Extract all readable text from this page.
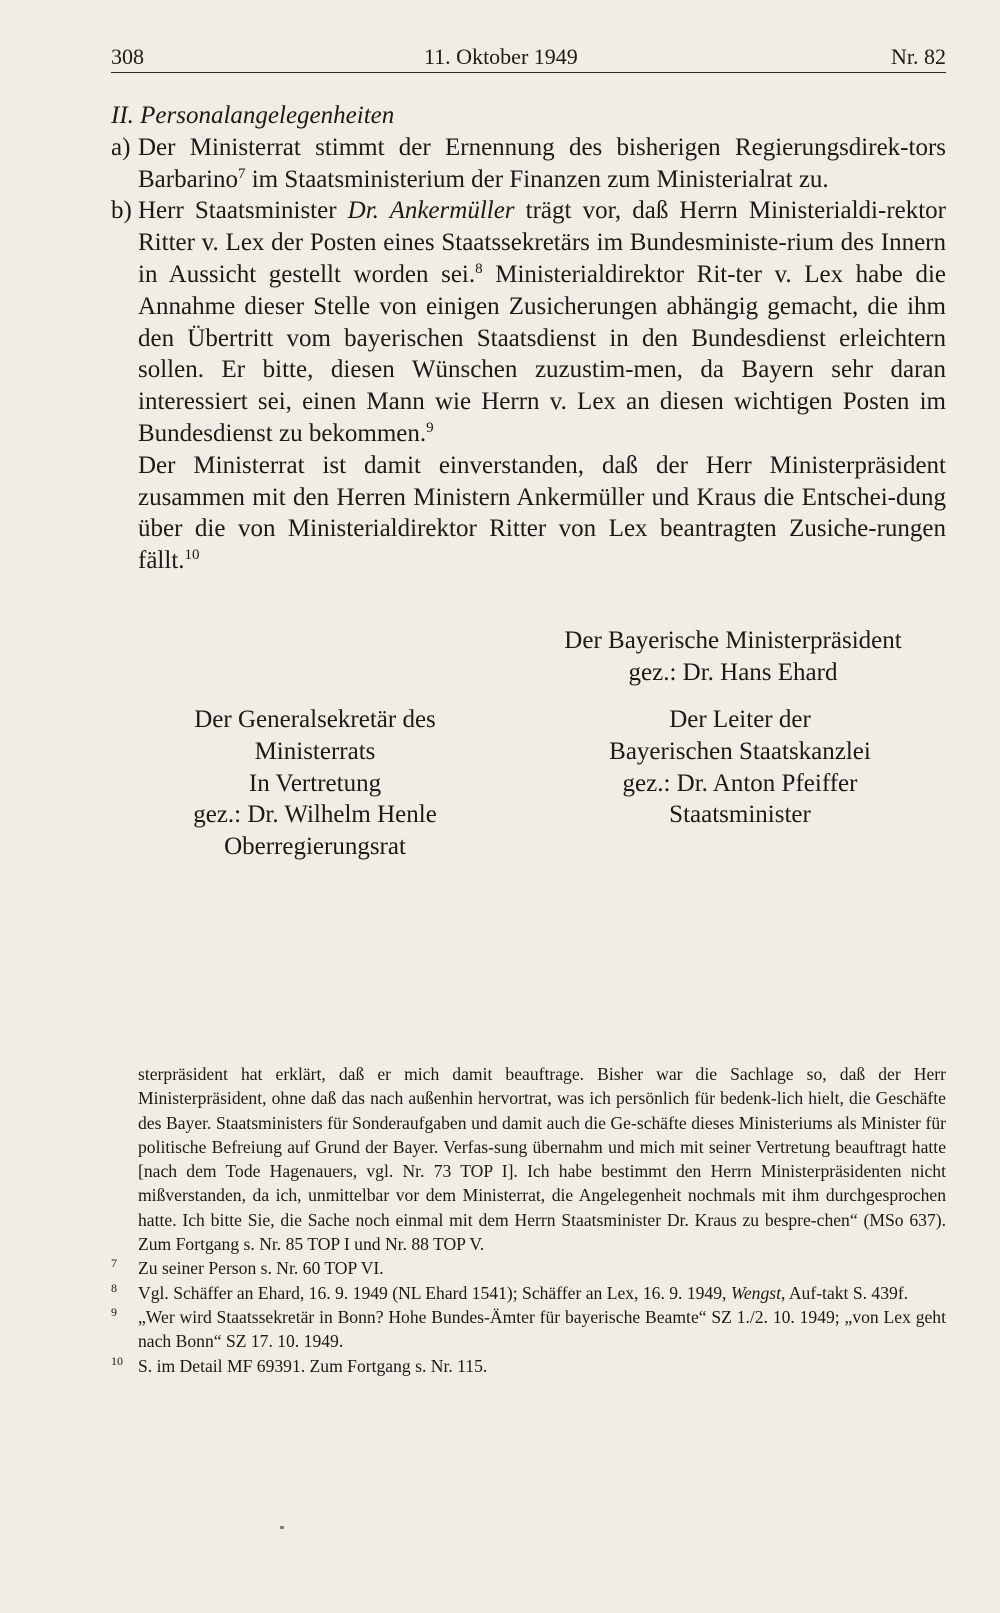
308	11. Oktober 1949	Nr. 82

II. Personalangelegenheiten

a) Der Ministerrat stimmt der Ernennung des bisherigen Regierungsdirek-tors Barbarino$^7$ im Staatsministerium der Finanzen zum Ministerialrat zu.
b) Herr Staatsminister Dr. Ankermüller trägt vor, daß Herrn Ministerialdi-rektor Ritter v. Lex der Posten eines Staatssekretärs im Bundesministe-rium des Innern in Aussicht gestellt worden sei.$^8$ Ministerialdirektor Rit-ter v. Lex habe die Annahme dieser Stelle von einigen Zusicherungen abhängig gemacht, die ihm den Übertritt vom bayerischen Staatsdienst in den Bundesdienst erleichtern sollen. Er bitte, diesen Wünschen zuzustim-men, da Bayern sehr daran interessiert sei, einen Mann wie Herrn v. Lex an diesen wichtigen Posten im Bundesdienst zu bekommen.$^9$

Der Ministerrat ist damit einverstanden, daß der Herr Ministerpräsident zusammen mit den Herren Ministern Ankermüller und Kraus die Entschei-dung über die von Ministerialdirektor Ritter von Lex beantragten Zusiche-rungen fällt.$^{10}$

Der Bayerische Ministerpräsident
gez.: Dr. Hans Ehard
Der Generalsekretär des
Ministerrats
In Vertretung
gez.: Dr. Wilhelm Henle
Oberregierungsrat
Der Leiter der
Bayerischen Staatskanzlei
gez.: Dr. Anton Pfeiffer
Staatsminister

sterpräsident hat erklärt, daß er mich damit beauftrage. Bisher war die Sachlage so, daß der Herr Ministerpräsident, ohne daß das nach außenhin hervortrat, was ich persönlich für bedenk-lich hielt, die Geschäfte des Bayer. Staatsministers für Sonderaufgaben und damit auch die Ge-schäfte dieses Ministeriums als Minister für politische Befreiung auf Grund der Bayer. Verfas-sung übernahm und mich mit seiner Vertretung beauftragt hatte [nach dem Tode Hagenauers, vgl. Nr. 73 TOP I]. Ich habe bestimmt den Herrn Ministerpräsidenten nicht mißverstanden, da ich, unmittelbar vor dem Ministerrat, die Angelegenheit nochmals mit ihm durchgesprochen hatte. Ich bitte Sie, die Sache noch einmal mit dem Herrn Staatsminister Dr. Kraus zu bespre-chen“ (MSo 637). Zum Fortgang s. Nr. 85 TOP I und Nr. 88 TOP V.

7	Zu seiner Person s. Nr. 60 TOP VI.
8	Vgl. Schäffer an Ehard, 16. 9. 1949 (NL Ehard 1541); Schäffer an Lex, 16. 9. 1949, Wengst, Auf-takt S. 439f.
9	„Wer wird Staatssekretär in Bonn? Hohe Bundes-Ämter für bayerische Beamte“ SZ 1./2. 10. 1949; „von Lex geht nach Bonn“ SZ 17. 10. 1949.
10 S. im Detail MF 69391. Zum Fortgang s. Nr. 115.
